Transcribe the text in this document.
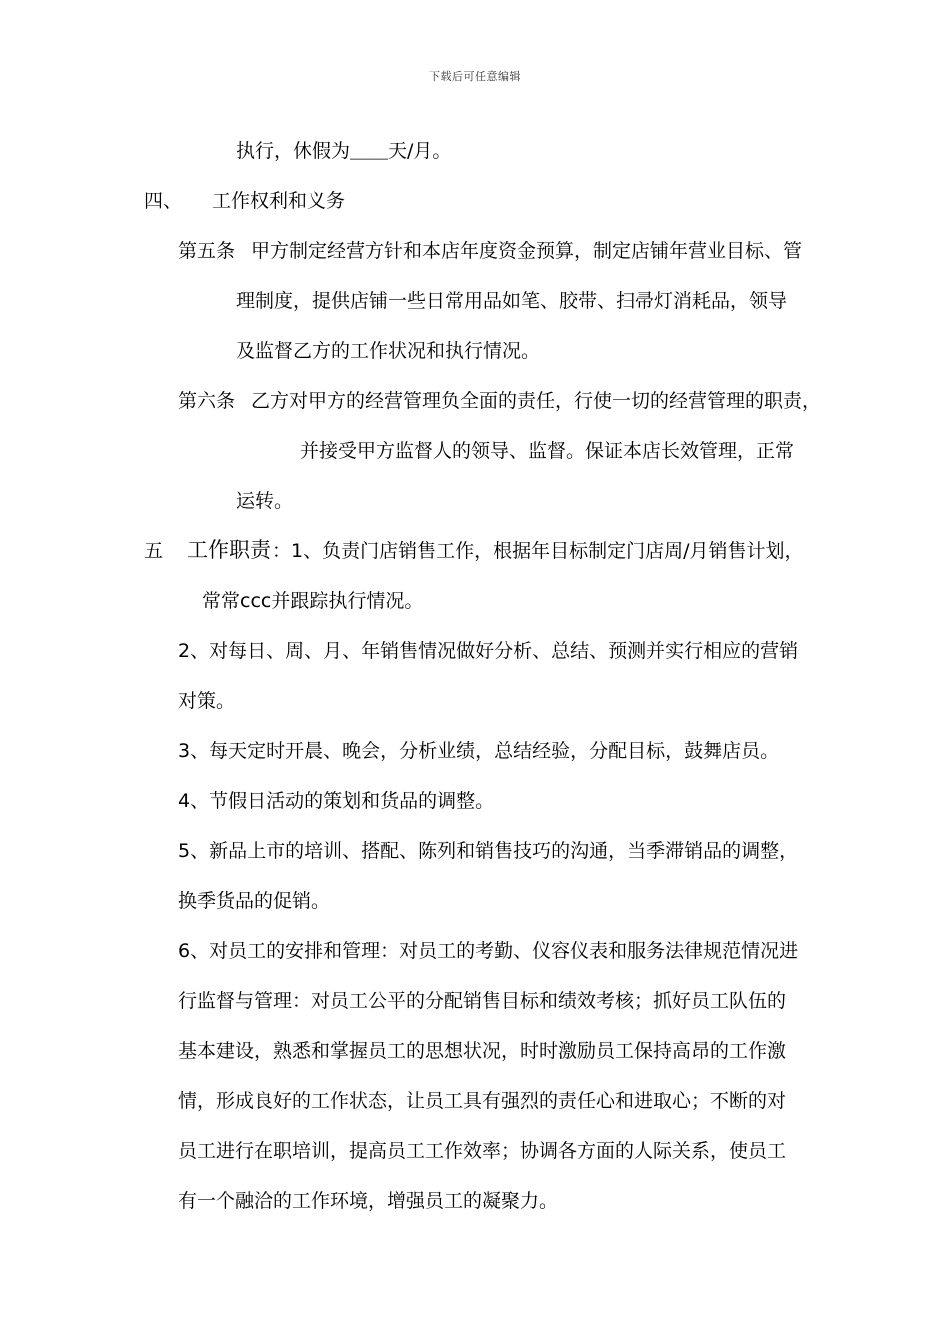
下载后可任意编辑
执行，休假为＿＿天/月。
四、 工作权利和义务
第五条 甲方制定经营方针和本店年度资金预算，制定店铺年营业目标、管
理制度，提供店铺一些日常用品如笔、胶带、扫帚灯消耗品，领导
及监督乙方的工作状况和执行情况。
第六条 乙方对甲方的经营管理负全面的责任，行使一切的经营管理的职责，
并接受甲方监督人的领导、监督。保证本店长效管理，正常
运转。
五 工作职责 ：1、负责门店销售工作，根据年目标制定门店周/月销售计划，
常常ccc并跟踪执行情况。
2、对每日、周、月、年销售情况做好分析、总结、预测并实行相应的营销
对策。
3、每天定时开晨、晚会，分析业绩，总结经验，分配目标，鼓舞店员。
4、节假日活动的策划和货品的调整。
5、新品上市的培训、搭配、陈列和销售技巧的沟通，当季滞销品的调整，
换季货品的促销。
6、对员工的安排和管理：对员工的考勤、仪容仪表和服务法律规范情况进
行监督与管理：对员工公平的分配销售目标和绩效考核；抓好员工队伍的
基本建设，熟悉和掌握员工的思想状况，时时激励员工保持高昂的工作激
情，形成良好的工作状态，让员工具有强烈的责任心和进取心；不断的对
员工进行在职培训，提高员工工作效率；协调各方面的人际关系，使员工
有一个融洽的工作环境，增强员工的凝聚力。
